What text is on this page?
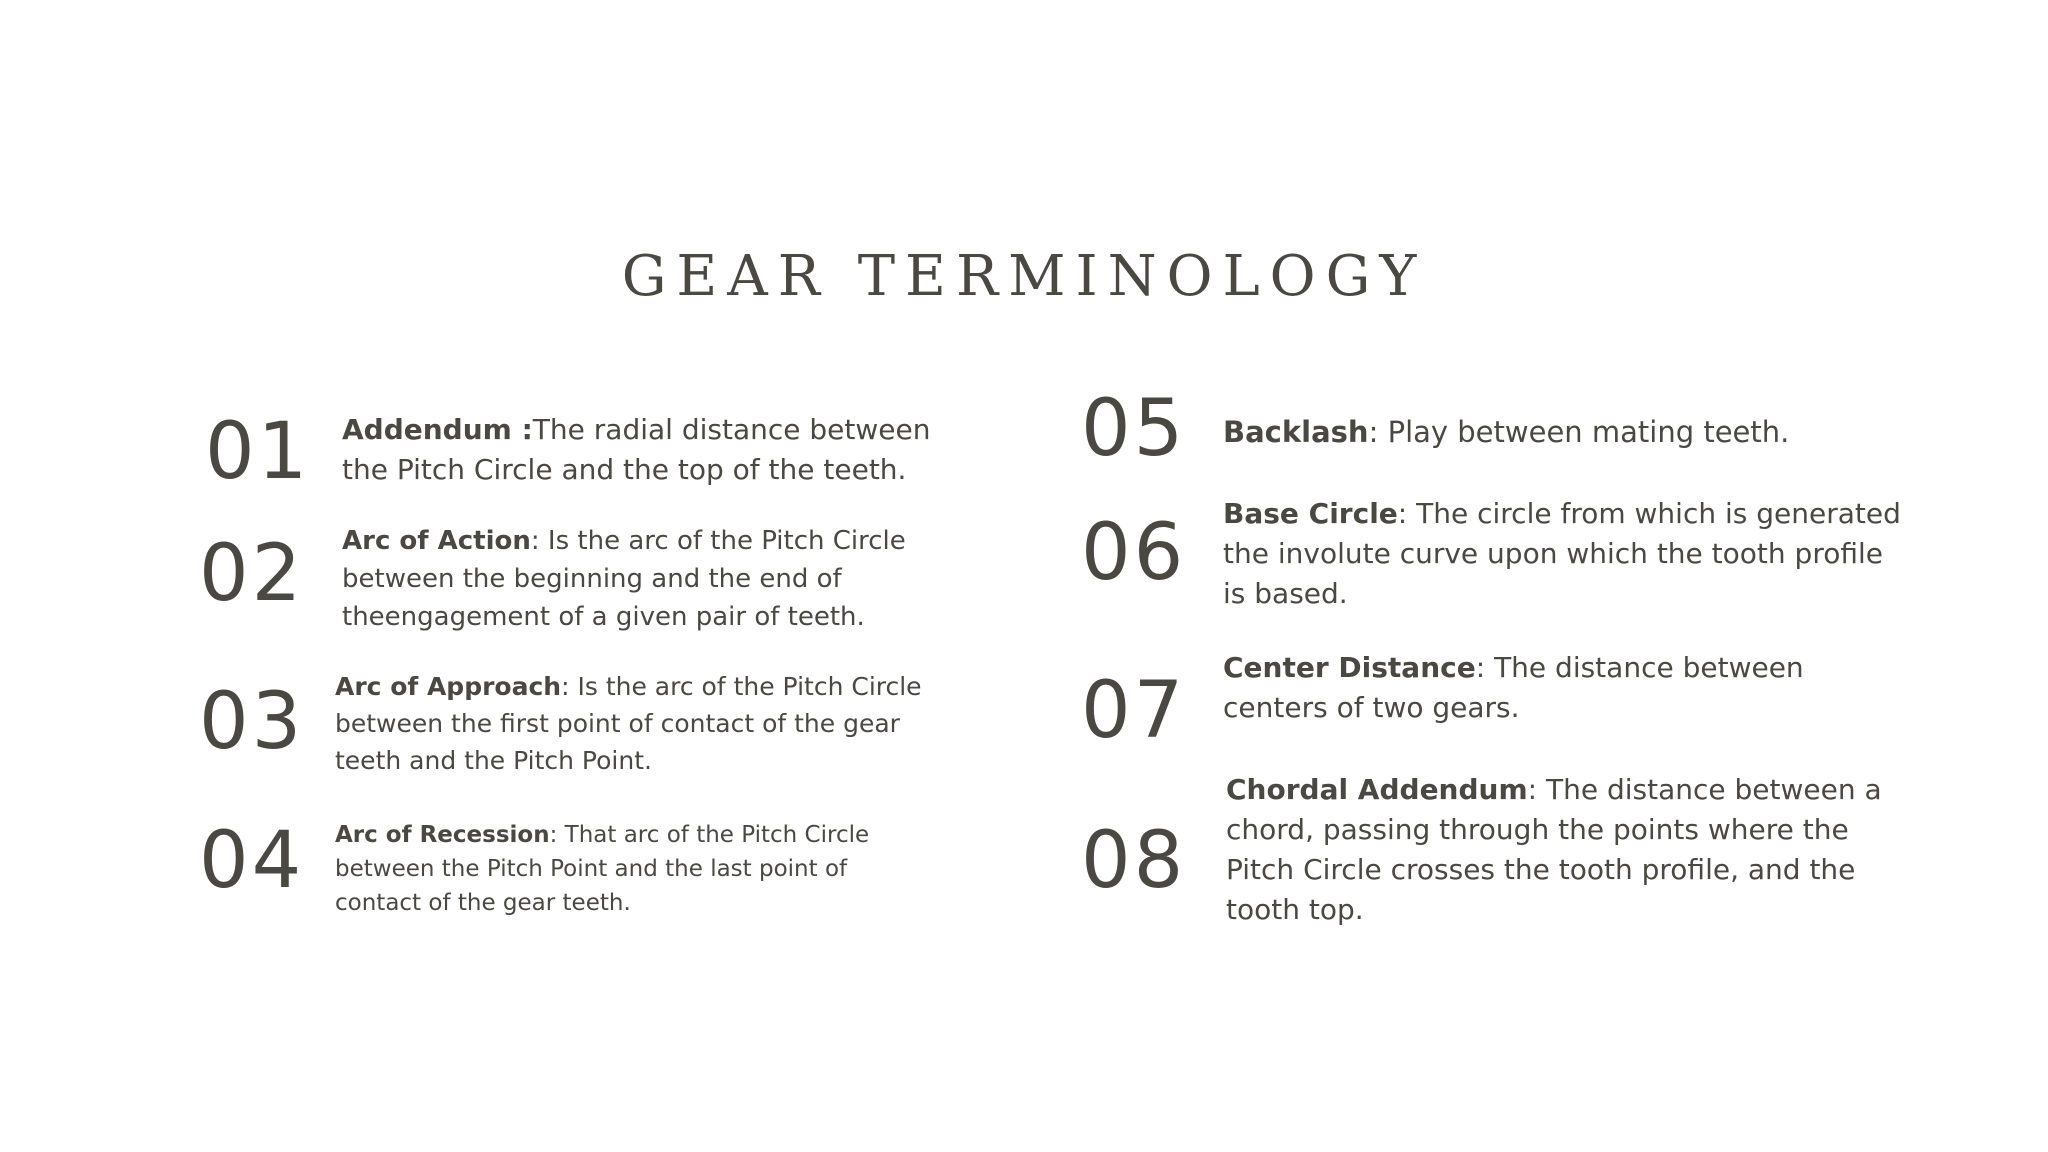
GEAR TERMINOLOGY
01 Addendum :The radial distance between the Pitch Circle and the top of the teeth.

02 Arc of Action: Is the arc of the Pitch Circle between the beginning and the end of theengagement of a given pair of teeth.

03 Arc of Approach: Is the arc of the Pitch Circle between the first point of contact of the gear teeth and the Pitch Point.

04 Arc of Recession: That arc of the Pitch Circle between the Pitch Point and the last point of contact of the gear teeth.

05 Backlash: Play between mating teeth.

06 Base Circle: The circle from which is generated the involute curve upon which the tooth profile is based.

07 Center Distance: The distance between centers of two gears.

08

Chordal Addendum: The distance between a chord, passing through the points where the Pitch Circle crosses the tooth profile, and the tooth top.
